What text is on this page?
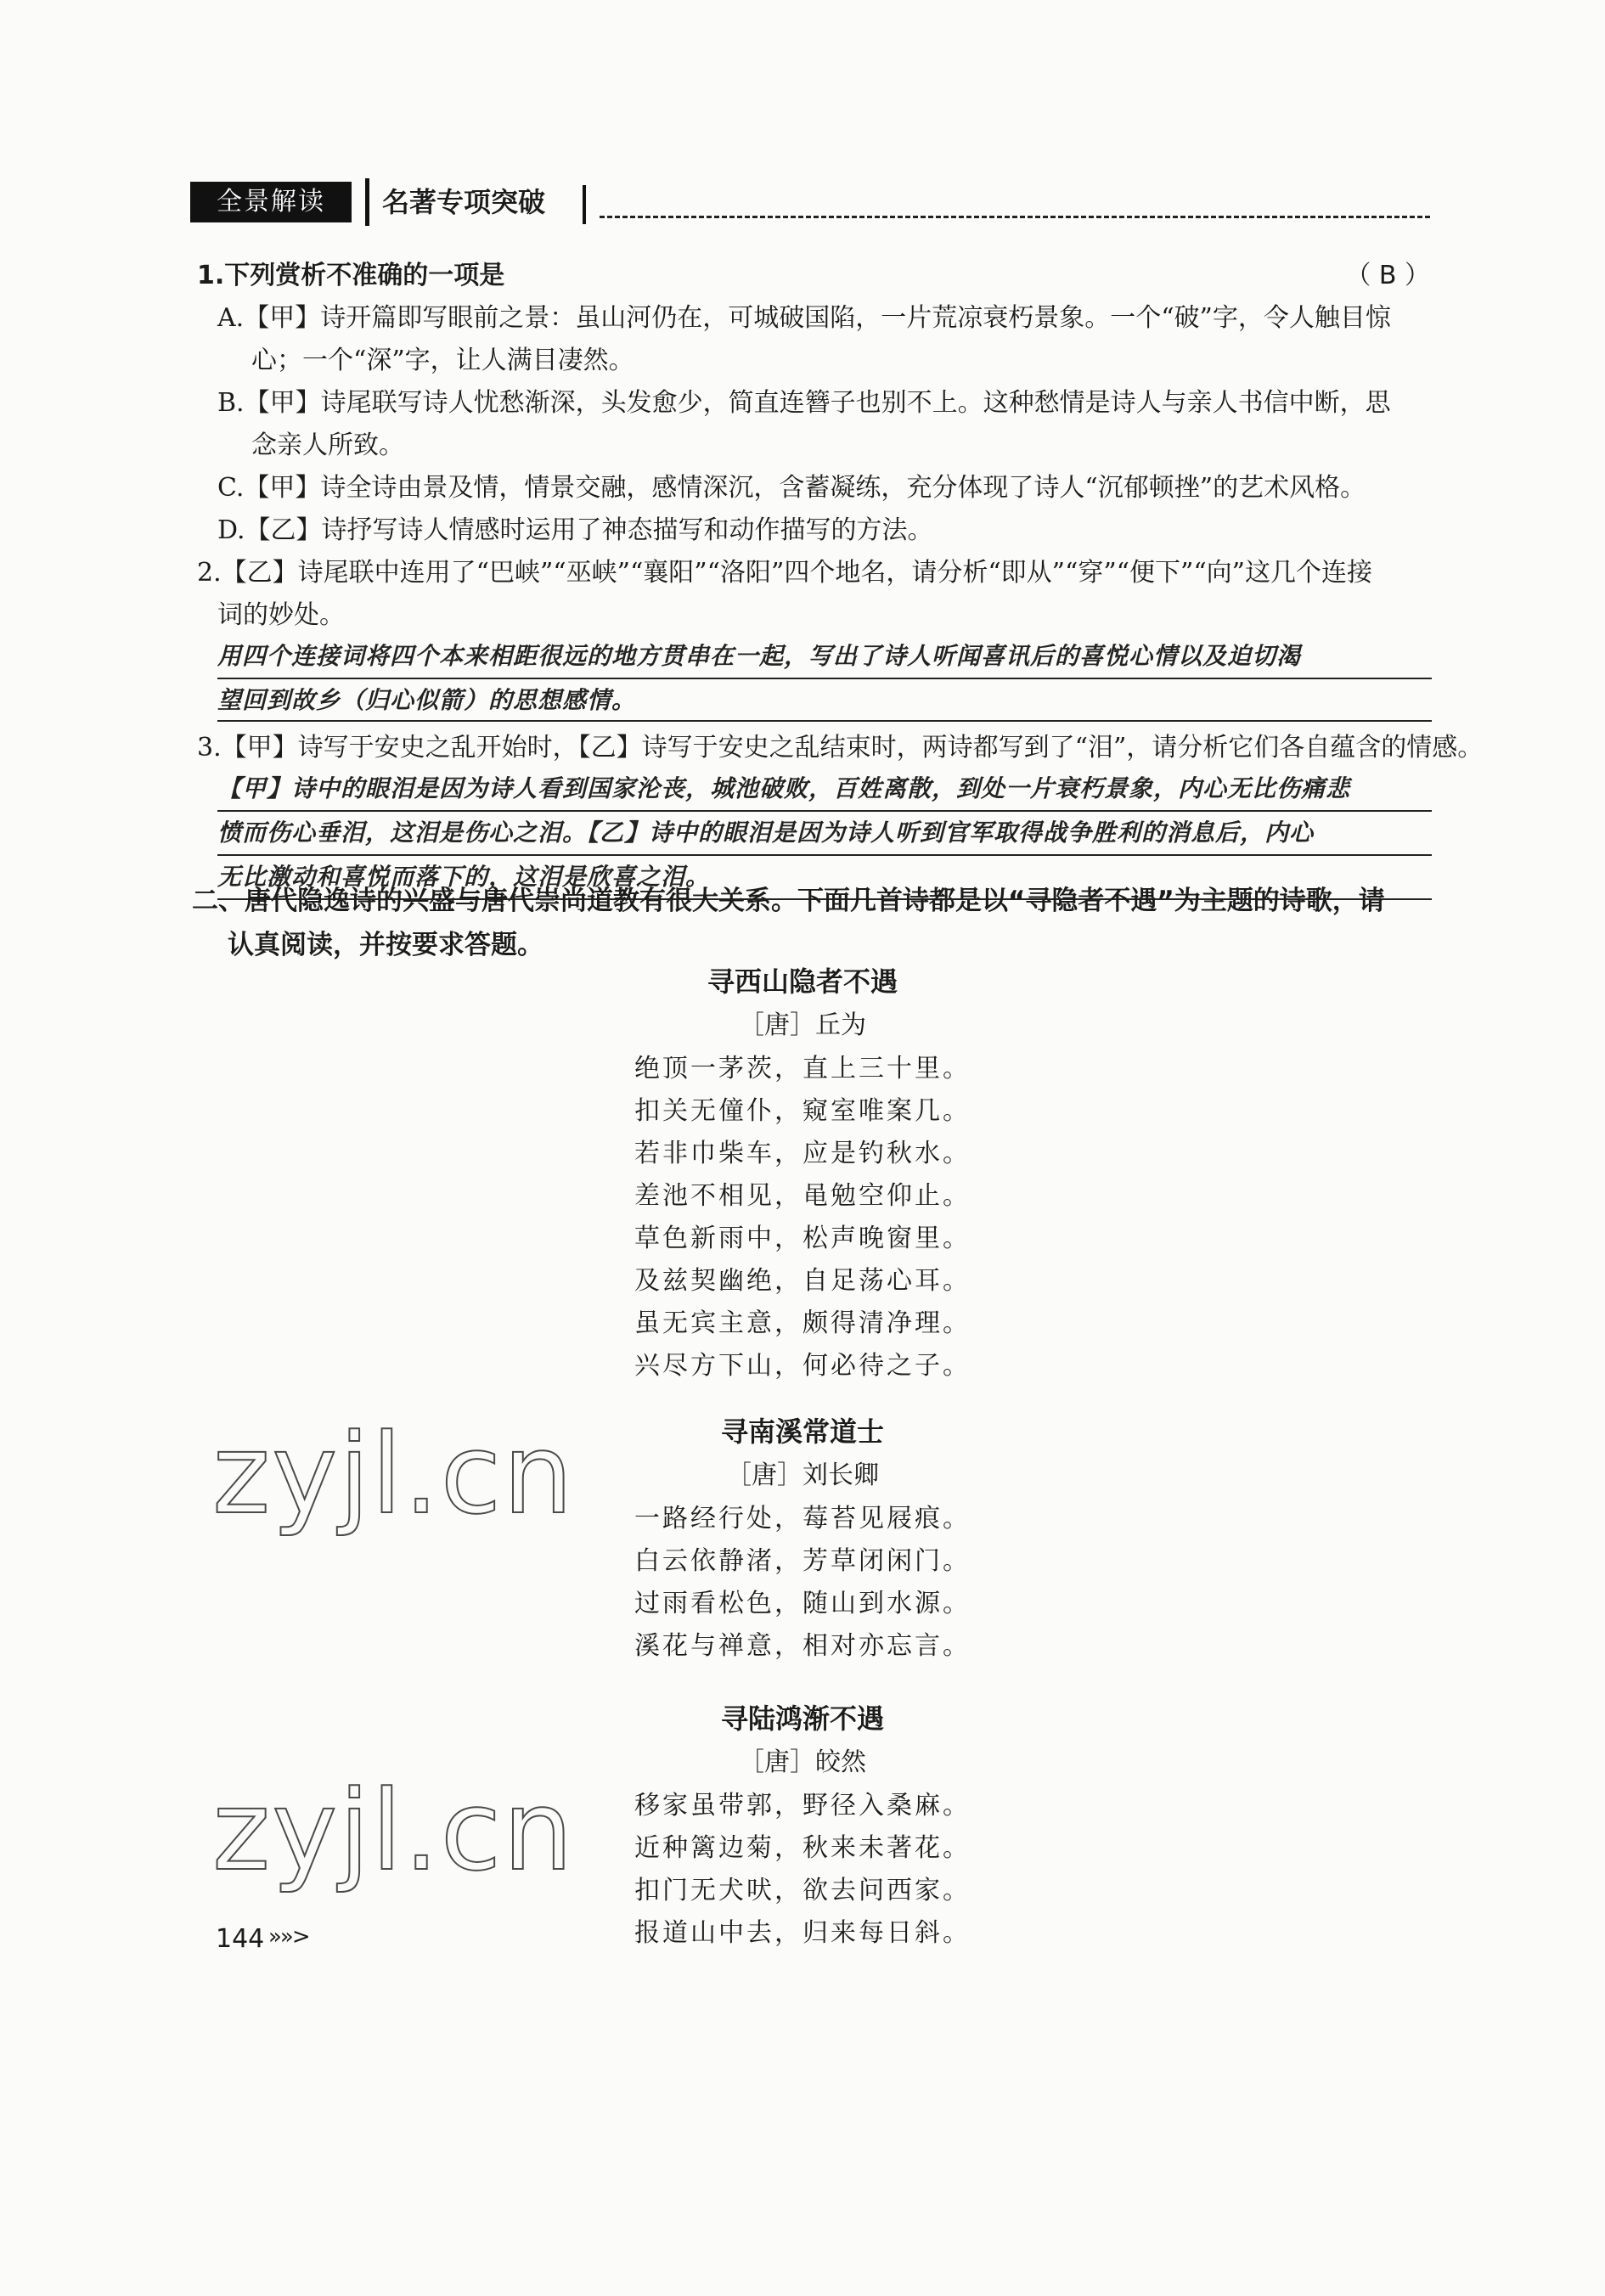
全景解读	名著专项突破
1.下列赏析不准确的一项是	（ B ）
A.【甲】诗开篇即写眼前之景：虽山河仍在，可城破国陷，一片荒凉衰朽景象。一个“破”字，令人触目惊
心；一个“深”字，让人满目凄然。
B.【甲】诗尾联写诗人忧愁渐深，头发愈少，简直连簪子也别不上。这种愁情是诗人与亲人书信中断，思
念亲人所致。
C.【甲】诗全诗由景及情，情景交融，感情深沉，含蓄凝练，充分体现了诗人“沉郁顿挫”的艺术风格。
D.【乙】诗抒写诗人情感时运用了神态描写和动作描写的方法。
2.【乙】诗尾联中连用了“巴峡”“巫峡”“襄阳”“洛阳”四个地名，请分析“即从”“穿”“便下”“向”这几个连接
词的妙处。
用四个连接词将四个本来相距很远的地方贯串在一起，写出了诗人听闻喜讯后的喜悦心情以及迫切渴
望回到故乡（归心似箭）的思想感情。
3.【甲】诗写于安史之乱开始时，【乙】诗写于安史之乱结束时，两诗都写到了“泪”，请分析它们各自蕴含的情感。
【甲】诗中的眼泪是因为诗人看到国家沦丧，城池破败，百姓离散，到处一片衰朽景象，内心无比伤痛悲
愤而伤心垂泪，这泪是伤心之泪。【乙】诗中的眼泪是因为诗人听到官军取得战争胜利的消息后，内心
无比激动和喜悦而落下的，这泪是欣喜之泪。
二、唐代隐逸诗的兴盛与唐代崇尚道教有很大关系。下面几首诗都是以“寻隐者不遇”为主题的诗歌，请
认真阅读，并按要求答题。
寻西山隐者不遇
［唐］丘为
绝顶一茅茨，直上三十里。
扣关无僮仆，窥室唯案几。
若非巾柴车，应是钓秋水。
差池不相见，黾勉空仰止。
草色新雨中，松声晚窗里。
及兹契幽绝，自足荡心耳。
虽无宾主意，颇得清净理。
兴尽方下山，何必待之子。
寻南溪常道士
［唐］刘长卿
一路经行处，莓苔见屐痕。
白云依静渚，芳草闭闲门。
过雨看松色，随山到水源。
溪花与禅意，相对亦忘言。
寻陆鸿渐不遇
［唐］皎然
移家虽带郭，野径入桑麻。
近种篱边菊，秋来未著花。
扣门无犬吠，欲去问西家。
报道山中去，归来每日斜。
zyjl.cn
zyjl.cn
144 »»>
